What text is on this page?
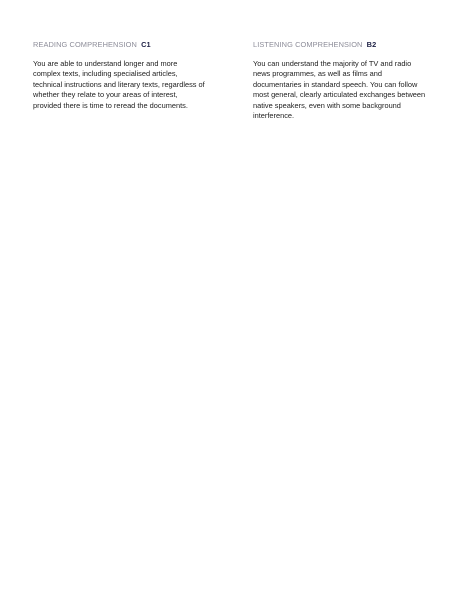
READING COMPREHENSION C1

You are able to understand longer and more
complex texts, including specialised articles,
technical instructions and literary texts, regardless of
whether they relate to your areas of interest,
provided there is time to reread the documents.

LISTENING COMPREHENSION B2

You can understand the majority of TV and radio
news programmes, as well as films and
documentaries in standard speech. You can follow
most general, clearly articulated exchanges between
native speakers, even with some background
interference.
